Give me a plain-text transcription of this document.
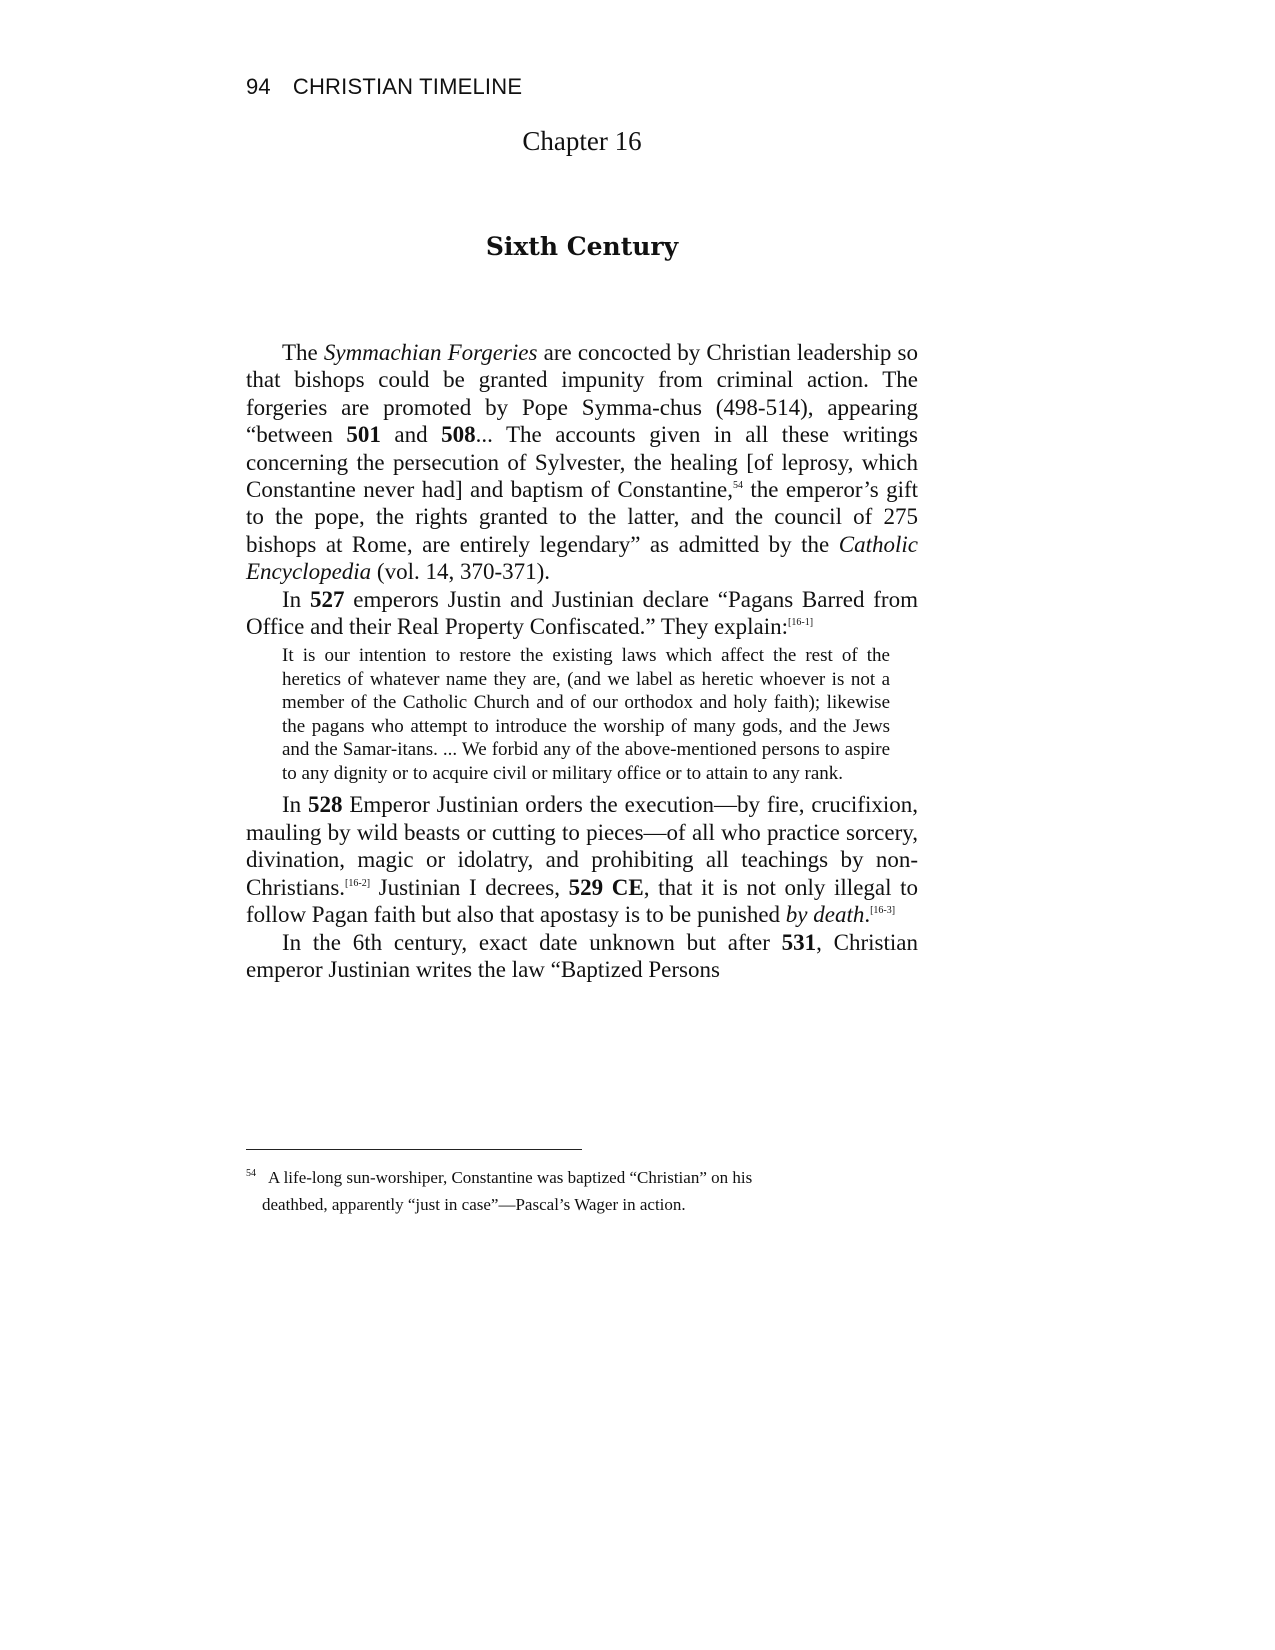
94 CHRISTIAN TIMELINE
Chapter 16
Sixth Century

The Symmachian Forgeries are concocted by Christian leadership so that bishops could be granted impunity from criminal action. The forgeries are promoted by Pope Symma-chus (498-514), appearing “between 501 and 508... The accounts given in all these writings concerning the persecution of Sylvester, the healing [of leprosy, which Constantine never had] and baptism of Constantine,$^{54}$ the emperor’s gift to the pope, the rights granted to the latter, and the council of 275 bishops at Rome, are entirely legendary” as admitted by the Catholic Encyclopedia (vol. 14, 370-371).

In 527 emperors Justin and Justinian declare “Pagans Barred from Office and their Real Property Confiscated.” They explain:[16-1]

It is our intention to restore the existing laws which affect the rest of the heretics of whatever name they are, (and we label as heretic whoever is not a member of the Catholic Church and of our orthodox and holy faith); likewise the pagans who attempt to introduce the worship of many gods, and the Jews and the Samar-itans. ... We forbid any of the above-mentioned persons to aspire to any dignity or to acquire civil or military office or to attain to any rank.

In 528 Emperor Justinian orders the execution—by fire, crucifixion, mauling by wild beasts or cutting to pieces—of all who practice sorcery, divination, magic or idolatry, and prohibiting all teachings by non-Christians.[16-2] Justinian I decrees, 529 CE, that it is not only illegal to follow Pagan faith but also that apostasy is to be punished by death.[16-3]

In the 6th century, exact date unknown but after 531, Christian emperor Justinian writes the law “Baptized Persons

$^{54}$ A life-long sun-worshiper, Constantine was baptized “Christian” on his
deathbed, apparently “just in case”—Pascal’s Wager in action.
